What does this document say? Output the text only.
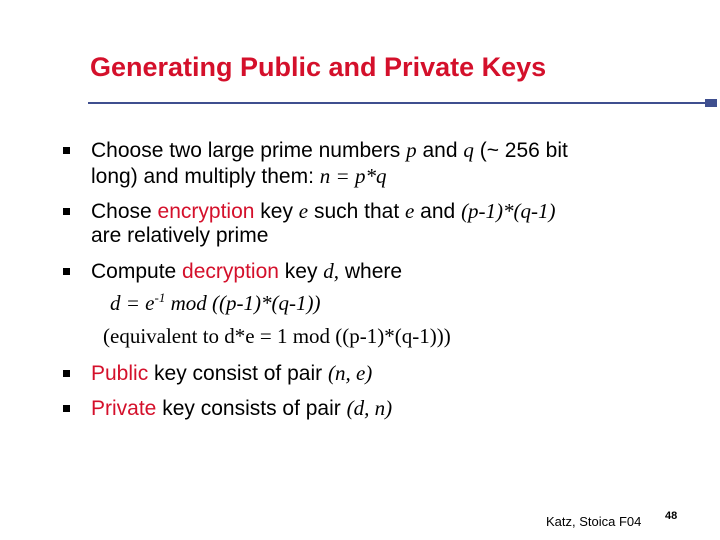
Generating Public and Private Keys
Choose two large prime numbers p and q (~ 256 bit
long) and multiply them: n = p*q
Chose encryption key e such that e and (p-1)*(q-1)
are relatively prime
Compute decryption key d, where
$d = e^{-1}$ mod ((p-1)*(q-1))
(equivalent to d*e = 1 mod ((p-1)*(q-1)))
Public key consist of pair (n, e)
Private key consists of pair (d, n)
Katz, Stoica F04 48
